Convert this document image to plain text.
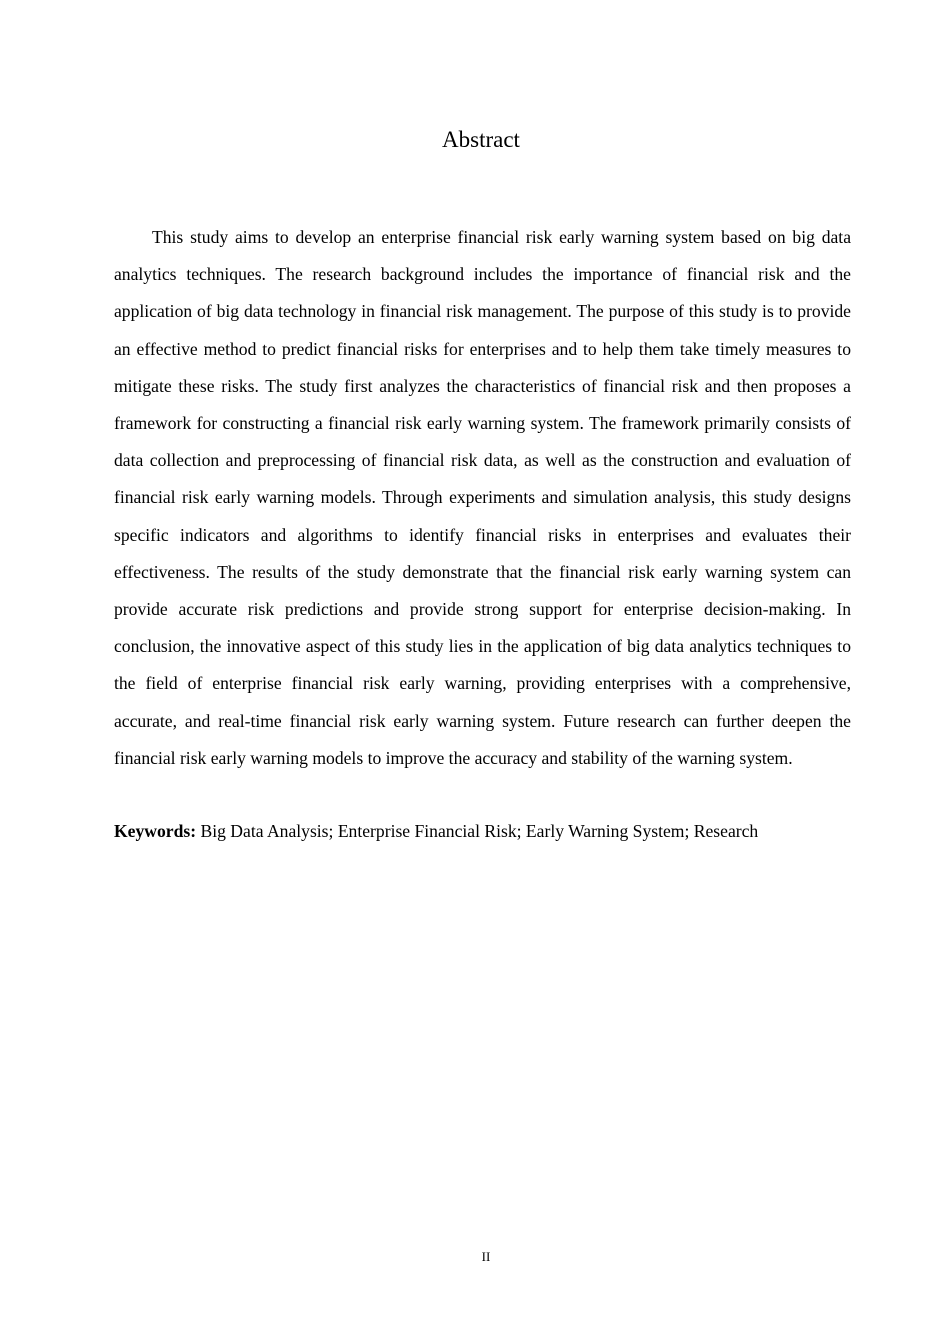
Abstract

This study aims to develop an enterprise financial risk early warning system based on big data analytics techniques. The research background includes the importance of financial risk and the application of big data technology in financial risk management. The purpose of this study is to provide an effective method to predict financial risks for enterprises and to help them take timely measures to mitigate these risks. The study first analyzes the characteristics of financial risk and then proposes a framework for constructing a financial risk early warning system. The framework primarily consists of data collection and preprocessing of financial risk data, as well as the construction and evaluation of financial risk early warning models. Through experiments and simulation analysis, this study designs specific indicators and algorithms to identify financial risks in enterprises and evaluates their effectiveness. The results of the study demonstrate that the financial risk early warning system can provide accurate risk predictions and provide strong support for enterprise decision-making. In conclusion, the innovative aspect of this study lies in the application of big data analytics techniques to the field of enterprise financial risk early warning, providing enterprises with a comprehensive, accurate, and real-time financial risk early warning system. Future research can further deepen the financial risk early warning models to improve the accuracy and stability of the warning system.

Keywords: Big Data Analysis; Enterprise Financial Risk; Early Warning System; Research

II
